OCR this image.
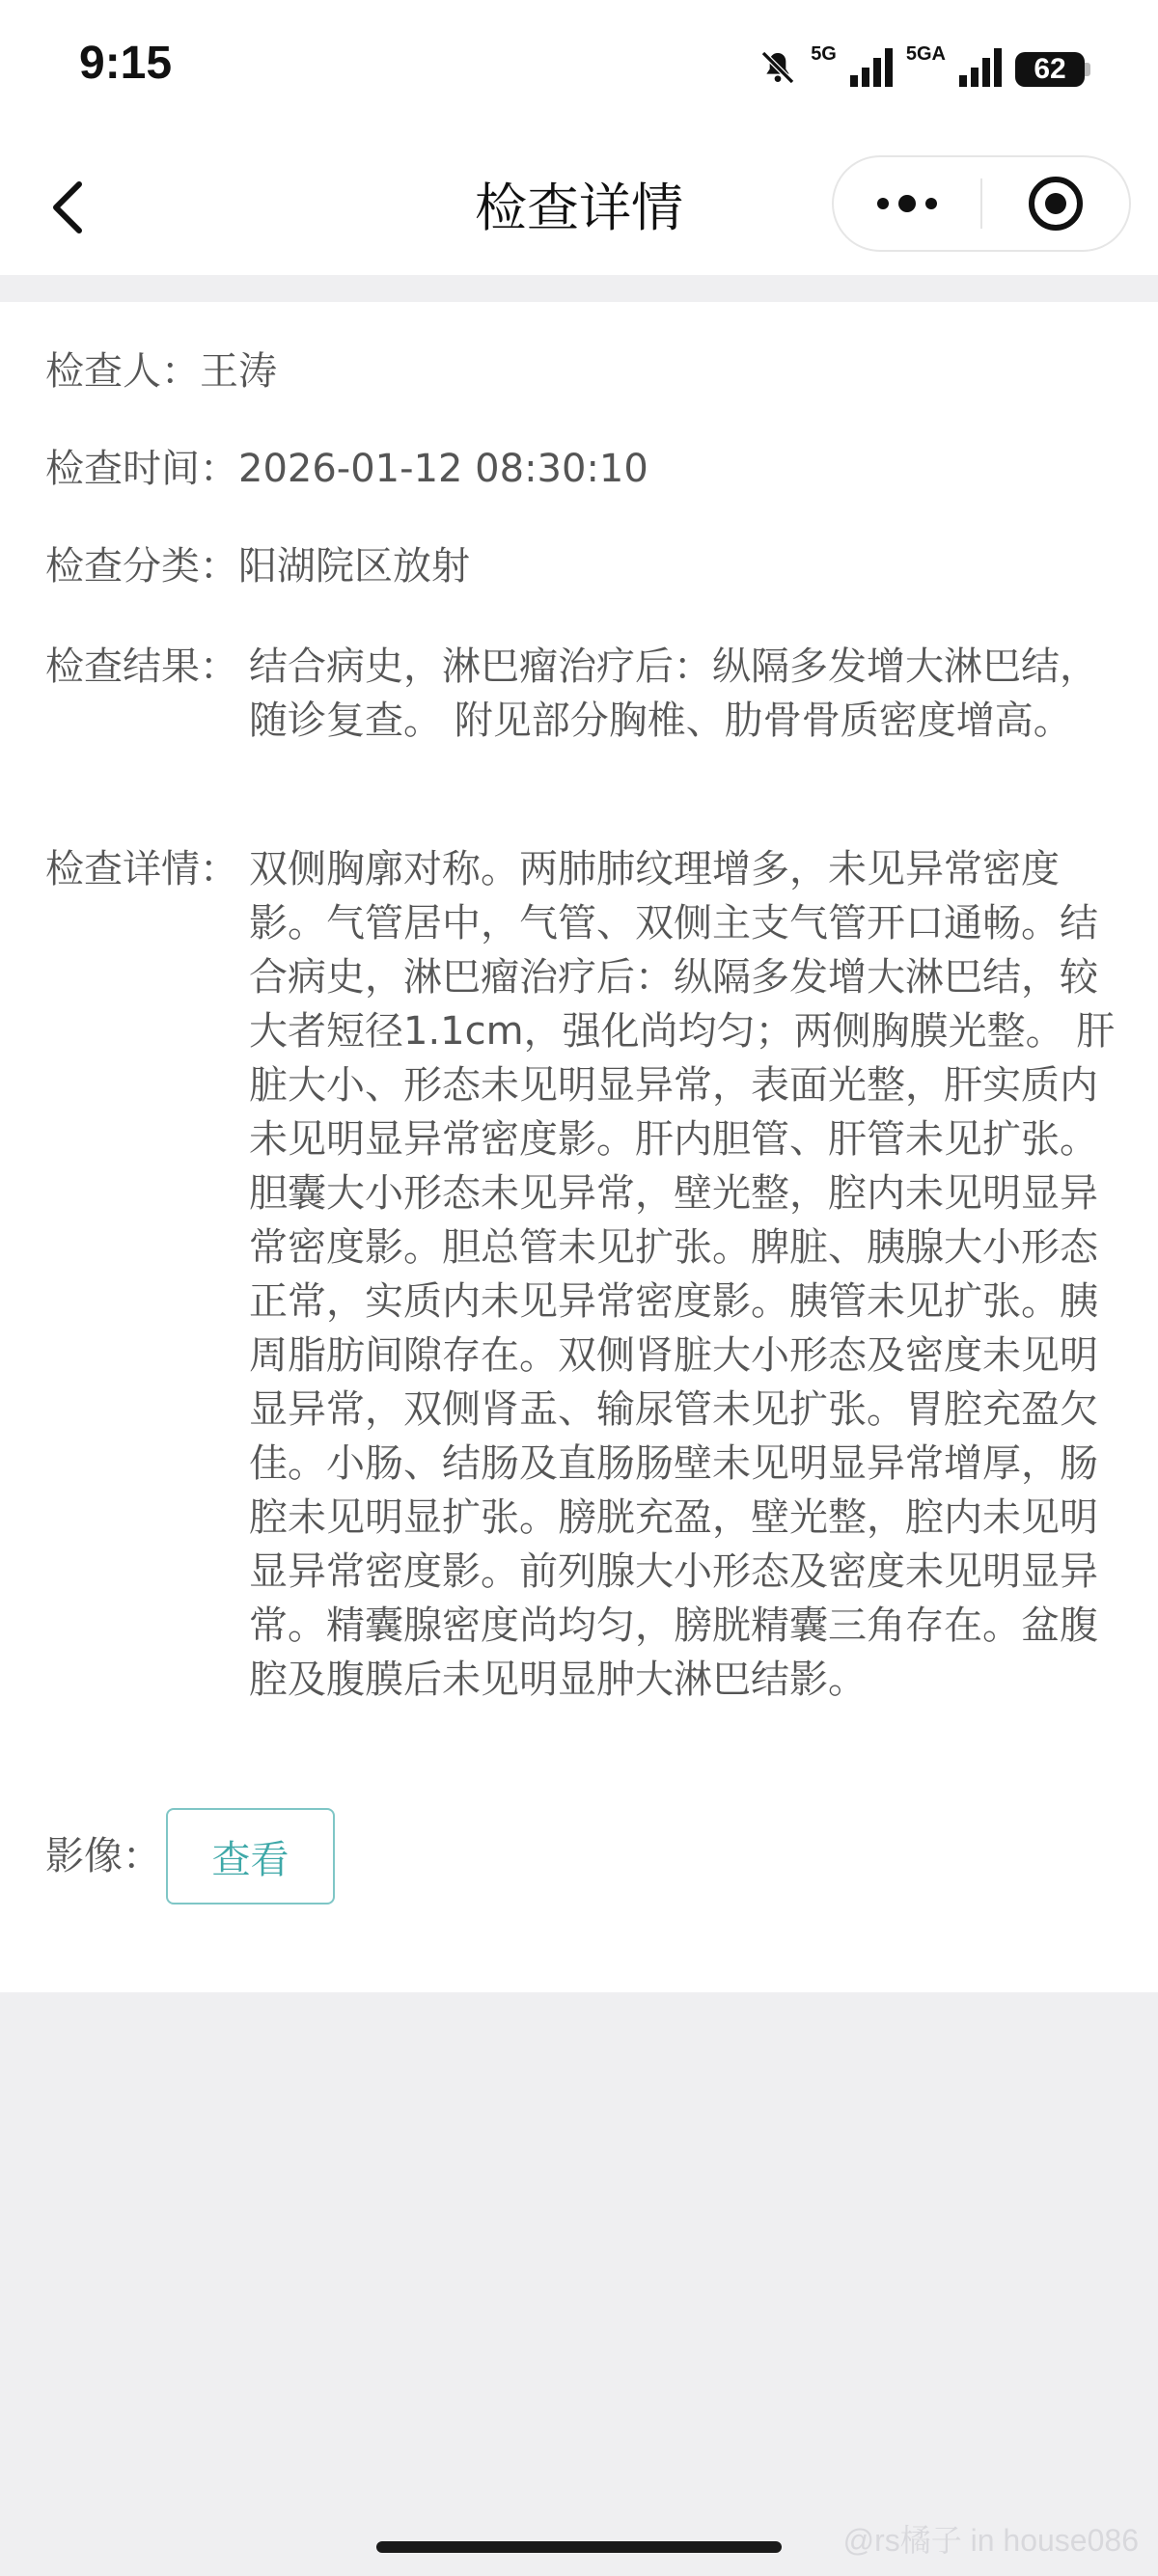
9:15	5G	5GA	62
检查详情
检查人： 王涛
检查时间： 2026-01-12 08:30:10
检查分类： 阳湖院区放射
检查结果： 结合病史，淋巴瘤治疗后：纵隔多发增大淋巴结，随诊复查。 附见部分胸椎、肋骨骨质密度增高。
检查详情： 双侧胸廓对称。两肺肺纹理增多，未见异常密度影。气管居中，气管、双侧主支气管开口通畅。结合病史，淋巴瘤治疗后：纵隔多发增大淋巴结，较大者短径1.1cm，强化尚均匀；两侧胸膜光整。 肝脏大小、形态未见明显异常，表面光整，肝实质内未见明显异常密度影。肝内胆管、肝管未见扩张。胆囊大小形态未见异常，壁光整，腔内未见明显异常密度影。胆总管未见扩张。脾脏、胰腺大小形态正常，实质内未见异常密度影。胰管未见扩张。胰周脂肪间隙存在。双侧肾脏大小形态及密度未见明显异常，双侧肾盂、输尿管未见扩张。胃腔充盈欠佳。小肠、结肠及直肠肠壁未见明显异常增厚，肠腔未见明显扩张。膀胱充盈，壁光整，腔内未见明显异常密度影。前列腺大小形态及密度未见明显异常。精囊腺密度尚均匀，膀胱精囊三角存在。盆腹腔及腹膜后未见明显肿大淋巴结影。
影像：	查看
@rs橘子 in house086
